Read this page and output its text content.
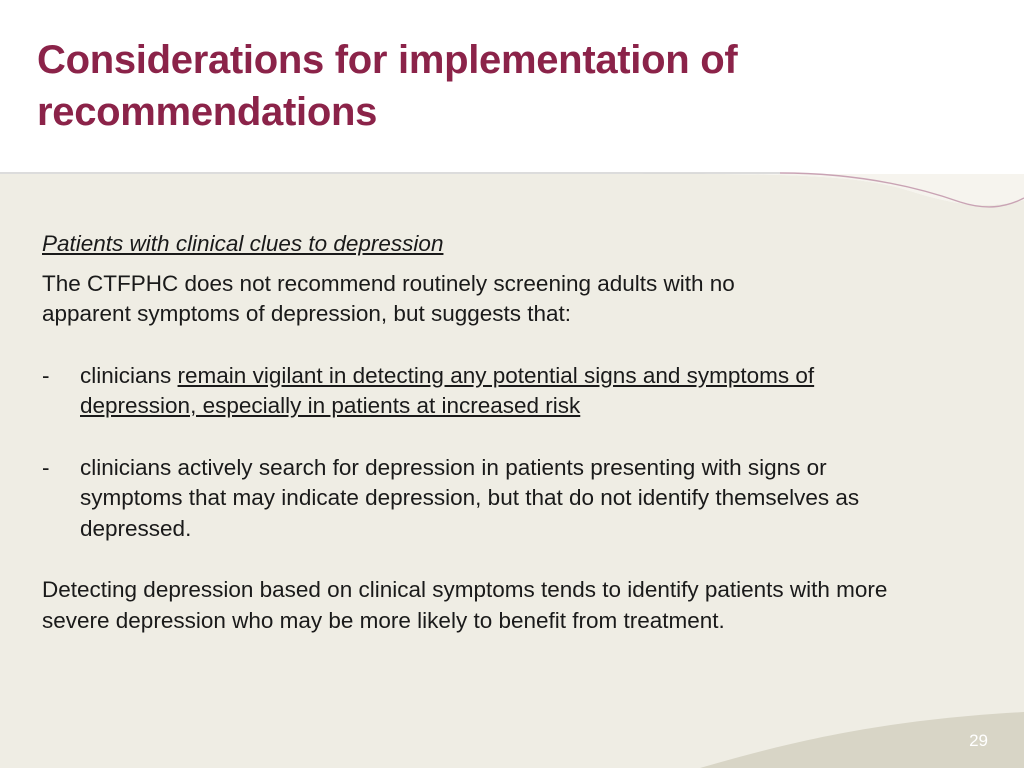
Considerations for implementation of
recommendations

Patients with clinical clues to depression

The CTFPHC does not recommend routinely screening adults with no
apparent symptoms of depression, but suggests that:

-	clinicians remain vigilant in detecting any potential signs and symptoms of
depression, especially in patients at increased risk
-	clinicians actively search for depression in patients presenting with signs or
symptoms that may indicate depression, but that do not identify themselves as
depressed.

Detecting depression based on clinical symptoms tends to identify patients with more
severe depression who may be more likely to benefit from treatment.

29
